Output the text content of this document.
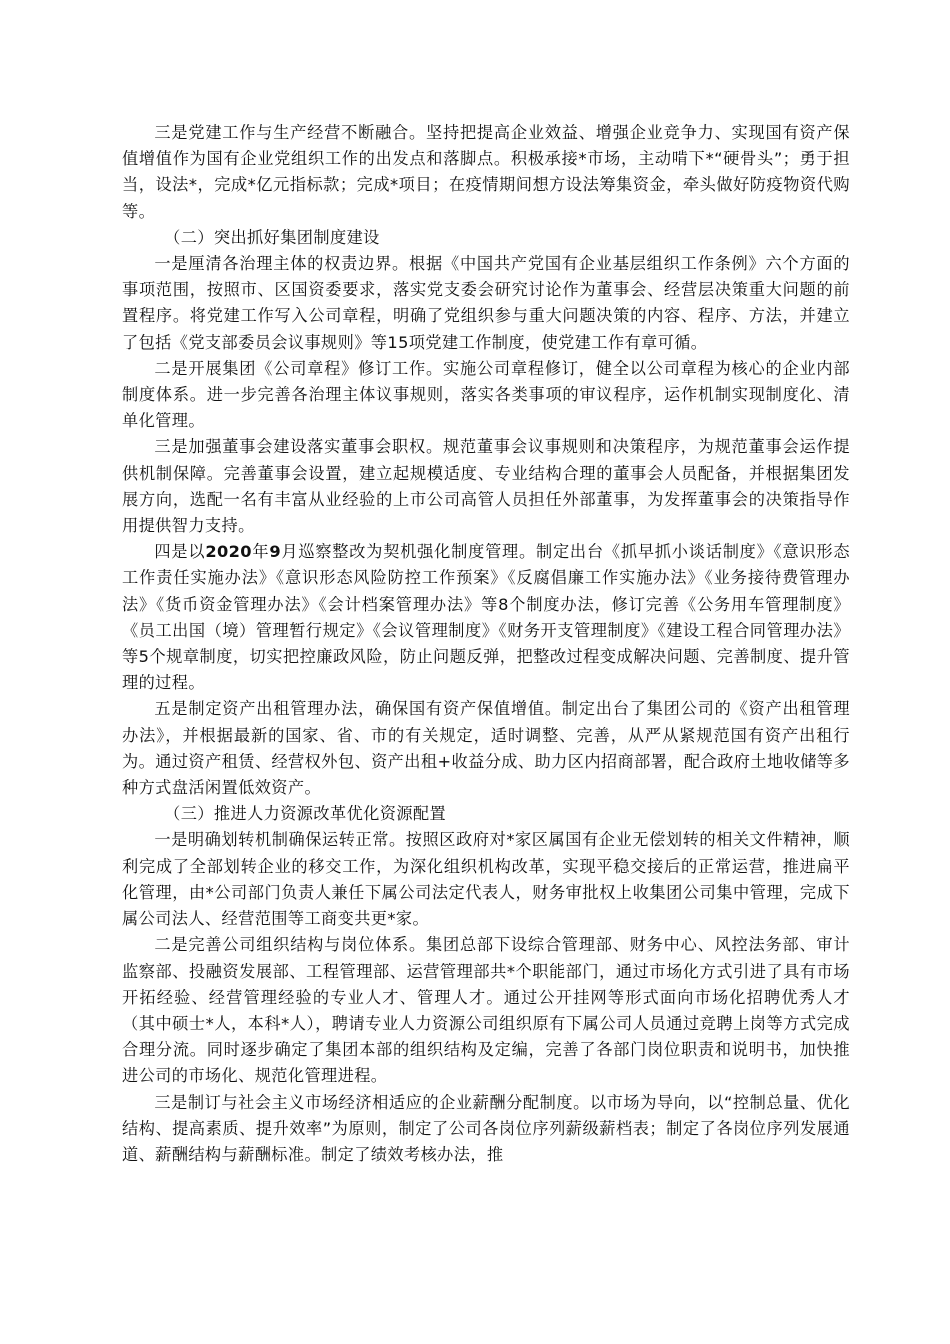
三是党建工作与生产经营不断融合。坚持把提高企业效益、增强企业竞争力、实现国有资产保值增值作为国有企业党组织工作的出发点和落脚点。积极承接*市场，主动啃下*“硬骨头”；勇于担当，设法*，完成*亿元指标款；完成*项目；在疫情期间想方设法筹集资金，牵头做好防疫物资代购等。

（二）突出抓好集团制度建设

一是厘清各治理主体的权责边界。根据《中国共产党国有企业基层组织工作条例》六个方面的事项范围，按照市、区国资委要求，落实党支委会研究讨论作为董事会、经营层决策重大问题的前置程序。将党建工作写入公司章程，明确了党组织参与重大问题决策的内容、程序、方法，并建立了包括《党支部委员会议事规则》等15项党建工作制度，使党建工作有章可循。

二是开展集团《公司章程》修订工作。实施公司章程修订，健全以公司章程为核心的企业内部制度体系。进一步完善各治理主体议事规则，落实各类事项的审议程序，运作机制实现制度化、清单化管理。

三是加强董事会建设落实董事会职权。规范董事会议事规则和决策程序，为规范董事会运作提供机制保障。完善董事会设置，建立起规模适度、专业结构合理的董事会人员配备，并根据集团发展方向，选配一名有丰富从业经验的上市公司高管人员担任外部董事，为发挥董事会的决策指导作用提供智力支持。

四是以2020年9月巡察整改为契机强化制度管理。制定出台《抓早抓小谈话制度》《意识形态工作责任实施办法》《意识形态风险防控工作预案》《反腐倡廉工作实施办法》《业务接待费管理办法》《货币资金管理办法》《会计档案管理办法》等8个制度办法，修订完善《公务用车管理制度》《员工出国（境）管理暂行规定》《会议管理制度》《财务开支管理制度》《建设工程合同管理办法》等5个规章制度，切实把控廉政风险，防止问题反弹，把整改过程变成解决问题、完善制度、提升管理的过程。

五是制定资产出租管理办法，确保国有资产保值增值。制定出台了集团公司的《资产出租管理办法》，并根据最新的国家、省、市的有关规定，适时调整、完善，从严从紧规范国有资产出租行为。通过资产租赁、经营权外包、资产出租+收益分成、助力区内招商部署，配合政府土地收储等多种方式盘活闲置低效资产。

（三）推进人力资源改革优化资源配置

一是明确划转机制确保运转正常。按照区政府对*家区属国有企业无偿划转的相关文件精神，顺利完成了全部划转企业的移交工作，为深化组织机构改革，实现平稳交接后的正常运营，推进扁平化管理，由*公司部门负责人兼任下属公司法定代表人，财务审批权上收集团公司集中管理，完成下属公司法人、经营范围等工商变共更*家。

二是完善公司组织结构与岗位体系。集团总部下设综合管理部、财务中心、风控法务部、审计监察部、投融资发展部、工程管理部、运营管理部共*个职能部门，通过市场化方式引进了具有市场开拓经验、经营管理经验的专业人才、管理人才。通过公开挂网等形式面向市场化招聘优秀人才（其中硕士*人，本科*人），聘请专业人力资源公司组织原有下属公司人员通过竞聘上岗等方式完成合理分流。同时逐步确定了集团本部的组织结构及定编，完善了各部门岗位职责和说明书，加快推进公司的市场化、规范化管理进程。

三是制订与社会主义市场经济相适应的企业薪酬分配制度。以市场为导向，以“控制总量、优化结构、提高素质、提升效率”为原则，制定了公司各岗位序列薪级薪档表；制定了各岗位序列发展通道、薪酬结构与薪酬标准。制定了绩效考核办法，推
